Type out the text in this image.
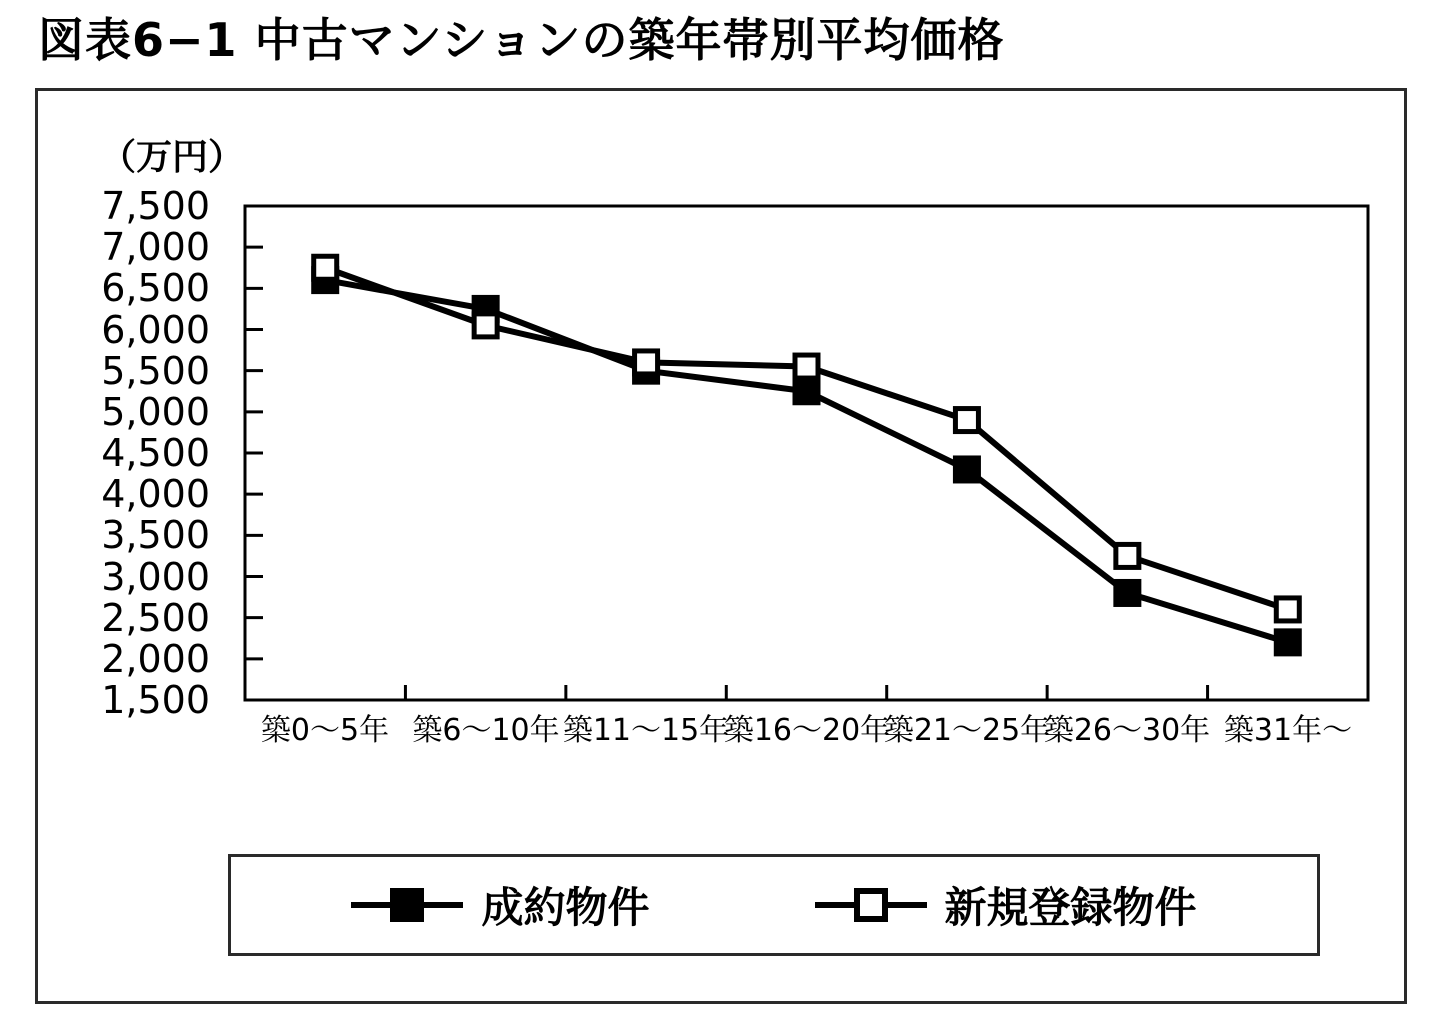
図表6−1 中古マンションの築年帯別平均価格
（万円）
7,500
7,000
6,500
6,000
5,500
5,000
4,500
4,000
3,500
3,000
2,500
2,000
1,500
築0～5年 築6～10年 築11～15年
築16～20年
築21～25年
築26～30年 築31年～
成約物件	新規登録物件
